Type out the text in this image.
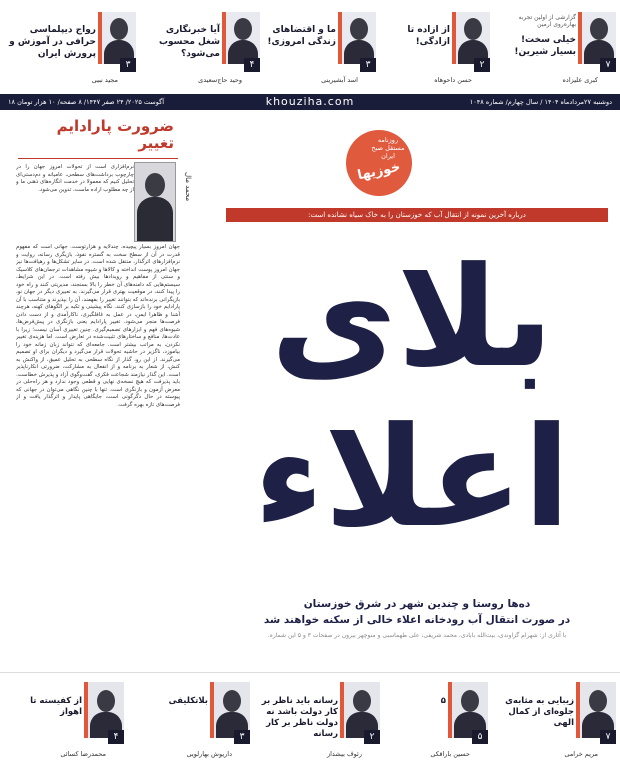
۷
گزارشی از اولین تجربه بهاره‌روی ارمین
خیلی سخت! بسیار شیرین!
کبری علیزاده
۲
از ازاده تا ازادگی!
حسن داحوهاه
۳
ما و اقتضاهای زندگی امروزی!
اسد آبشیرینی
۴
آیا خبرنگاری شغل محسوب می‌شود؟
وحید حاج‌سعیدی
۳
رواج دیپلماسی حرافی در آموزش و پرورش ایران
مجید نبیی
۱۸ آگوست ۲۰۲۵/ ۲۴ صفر ۱۴۴۷/ ۸ صفحه/ ۱۰ هزار تومان	دوشنبه ۲۷مردادماه ۱۴۰۴ / سال چهارم/ شماره ۱۰۴۸
khouziha.com
ضرورت پارادایم تغییر
محمد مال
نرم‌افزاری است از تحولات امروز جهان را در چارچوب برداشت‌های سطحی، عامیانه و دم‌دستی‌ای تحلیل کنیم که معمولا در خدمت انگاره‌های ذهنی ما و از چه مطلوب اراده ماست، تدوین می‌شود.
جهان امروز بسیار پیچیده، چندلایه و هزارتوست. جهانی است که مفهوم قدرت در آن از سطح سخت به گستره نفوذ، بازیگری رسانه، روایت و نرم‌افزارهای اثرگذار، منتقل شده است. در سایر تشکل‌ها و رهیافت‌ها نیز جهان امروز پوست انداخته و کالاها و شیوه مشاهدات ترجمان‌های کلاسیک و سنتی از مفاهیم و رویدادها بیش رفته است. در این شرایط، سیستم‌هایی که دامنه‌های آن خطر را بالا بسنجند، مدیریتی کنند و راه خود را پیدا کنند، در موقعیت بهتری قرار می‌گیرند. به تعبیری دیگر در جهان نو، بازیگرانی برنده‌اند که بتوانند تغییر را بفهمند، آن را بپذیرند و متناسب با آن پارادایم خود را بازسازی کنند. نگاه پیشینی و تکیه بر الگوهای کهنه، هرچند آشنا و ظاهرا ایمن، در عمل به غافلگیری، ناکارآمدی و از دست دادن فرصت‌ها منجر می‌شود. تغییر پارادایم یعنی بازنگری در پیش‌فرض‌ها، شیوه‌های فهم و ابزارهای تصمیم‌گیری. چنین تغییری آسان نیست؛ زیرا با عادت‌ها، منافع و ساختارهای تثبیت‌شده در تعارض است. اما هزینه‌ی تغییر نکردن، به مراتب بیشتر است. جامعه‌ای که نتواند زبان زمانه خود را بیاموزد، ناگزیر در حاشیه تحولات قرار می‌گیرد و دیگران برای او تصمیم می‌گیرند. از این رو، گذار از نگاه سطحی به تحلیل عمیق، از واکنش به کنش، از شعار به برنامه و از انفعال به مشارکت، ضرورتی انکارناپذیر است. این گذار نیازمند شجاعت فکری، گفت‌وگوی آزاد و پذیرش خطاست. باید پذیرفت که هیچ نسخه‌ی نهایی و قطعی وجود ندارد و هر راه‌حلی در معرض آزمون و بازنگری است. تنها با چنین نگاهی می‌توان در جهانی که پیوسته در حال دگرگونی است، جایگاهی پایدار و اثرگذار یافت و از فرصت‌های تازه بهره گرفت.
روزنامه مستقل صبح ایران
خوزیها
درباره آخرین نمونه از انتقال آب که خوزستان را به خاک سیاه نشانده است:
بلای
اعلاء
ده‌ها روستا و چندین شهر در شرق خوزستان
در صورت انتقال آب رودخانه اعلاء خالی از سکنه خواهند شد
با آثاری از: شهرام گزاوندی، بیت‌الله بابادی، محمد شریفی، علی طهماسبی و منوچهر بیرون در صفحات ۳ و ۵ این شماره.
۷
زیبایی به مثابه‌ی جلوه‌ای از کمال الهی
مریم خرامی
۵
۵
حسین باراقکی
۲
رسانه باید ناظر بر کار دولت باشد نه دولت ناظر بر کار رسانه
رئوف بیشداز
۳
بلاتکلیفی
داریوش بهارلویی
۴
از کفیسته تا اهواز
محمدرضا کسائی
